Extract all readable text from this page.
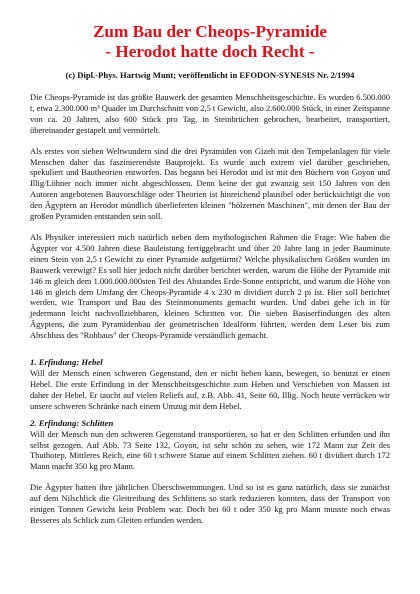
Zum Bau der Cheops-Pyramide
- Herodot hatte doch Recht -

(c) Dipl.-Phys. Hartwig Munt; veröffentlicht in EFODON-SYNESIS Nr. 2/1994

Die Cheops-Pyramide ist das größte Bauwerk der gesamten Menschheitsgeschichte. Es wurden 6.500.000 t, etwa 2.300.000 m³ Quader im Durchschnitt von 2,5 t Gewicht, also 2.600.000 Stück, in einer Zeitspanne von ca. 20 Jahren, also 600 Stück pro Tag, in Steinbrüchen gebrochen, bearbeitet, transportiert, übereinander gestapelt und vermörtelt.

Als erstes von sieben Weltwundern sind die drei Pyramiden von Gizeh mit den Tempelanlagen für viele Menschen daher das faszinierendste Bauprojekt. Es wurde auch extrem viel darüber geschrieben, spekuliert und Bautheorien entworfen. Das begann bei Herodot und ist mit den Büchern von Goyon und Illig/Löhner noch immer nicht abgeschlossen. Denn keine der gut zwanzig seit 150 Jahren von den Autoren angebotenen Bauvorschläge oder Theorien ist hinreichend plausibel oder berücksichtigt die von den Ägyptern an Herodot mündlich überlieferten kleinen "hölzernen Maschinen", mit denen der Bau der großen Pyramiden entstanden sein soll.

Als Physiker interessiert mich natürlich neben dem mythologischen Rahmen die Frage: Wie haben die Ägypter vor 4.500 Jahren diese Bauleistung fertiggebracht und über 20 Jahre lang in jeder Bauminute einen Stein von 2,5 t Gewicht zu einer Pyramide aufgetürmt? Welche physikalischen Größen wurden im Bauwerk verewigt? Es soll hier jedoch nicht darüber berichtet werden, warum die Höhe der Pyramide mit 146 m gleich dem 1.000.000.000sten Teil des Abstandes Erde-Sonne entspricht, und warum die Höhe von 146 m gleich dem Umfang der Cheops-Pyramide 4 x 230 m dividiert durch 2 pi ist. Hier soll berichtet werden, wie Transport und Bau des Steinmonuments gemacht wurden. Und dabei gehe ich in für jedermann leicht nachvollziehbaren, kleinen Schritten vor. Die sieben Basiserfindungen des alten Ägyptens, die zum Pyramidenbau der geometrischen Idealform führten, werden dem Leser bis zum Abschluss des "Rohbaus" der Cheops-Pyramide verständlich gemacht.

1. Erfindung: Hebel

Will der Mensch einen schweren Gegenstand, den er nicht heben kann, bewegen, so benutzt er einen Hebel. Die erste Erfindung in der Menschheitsgeschichte zum Heben und Verschieben von Massen ist daher der Hebel. Er taucht auf vielen Reliefs auf, z.B. Abb. 41, Seite 60, Illig. Noch heute verrücken wir unsere schweren Schränke nach einem Umzug mit dem Hebel.

2. Erfindung: Schlitten

Will der Mensch nun den schweren Gegenstand transportieren, so hat er den Schlitten erfunden und ihn selbst gezogen. Auf Abb. 73 Seite 132, Goyon, ist sehr schön zu sehen, wie 172 Mann zur Zeit des Thuthotep, Mittleres Reich, eine 60 t schwere Statue auf einem Schlitten ziehen. 60 t dividiert durch 172 Mann macht 350 kg pro Mann.

Die Ägypter hatten ihre jährlichen Überschwemmungen. Und so ist es ganz natürlich, dass sie zunächst auf dem Nilschlick die Gleitreibung des Schlittens so stark reduzieren konnten, dass der Transport von einigen Tonnen Gewicht kein Problem war. Doch bei 60 t oder 350 kg pro Mann musste noch etwas Besseres als Schlick zum Gleiten erfunden werden.
